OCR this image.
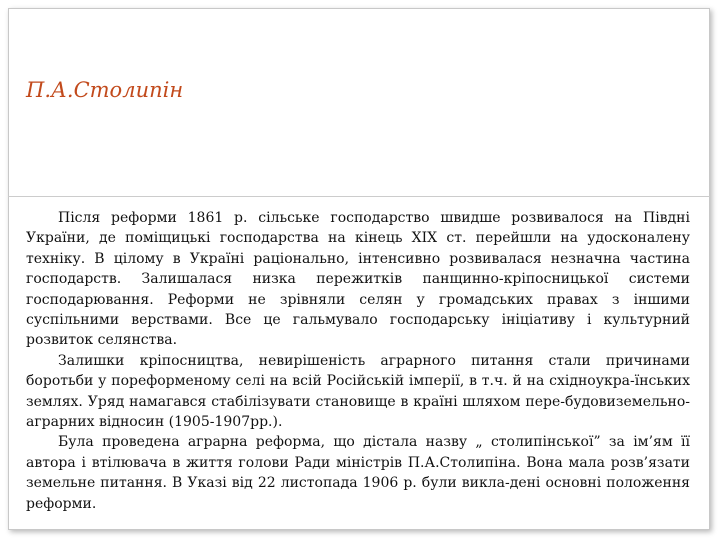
П.А.Столипін

Після реформи 1861 р. сільське господарство швидше розвивалося на Півдні України, де поміщицькі господарства на кінець XIX ст. перейшли на удосконалену техніку. В цілому в Україні раціонально, інтенсивно розвивалася незначна частина господарств. Залишалася низка пережитків панщинно-кріпосницької системи господарювання. Реформи не зрівняли селян у громадських правах з іншими суспільними верствами. Все це гальмувало господарську ініціативу і культурний розвиток селянства.

Залишки кріпосництва, невирішеність аграрного питання стали причинами боротьби у пореформеному селі на всій Російській імперії, в т.ч. й на східноукра-їнських землях. Уряд намагався стабілізувати становище в країні шляхом пере-будовиземельно-аграрних відносин (1905-1907рр.).

Була проведена аграрна реформа, що дістала назву „ столипінської” за ім’ям її автора і втілювача в життя голови Ради міністрів П.А.Столипіна. Вона мала розв’язати земельне питання. В Указі від 22 листопада 1906 р. були викла-дені основні положення реформи.
